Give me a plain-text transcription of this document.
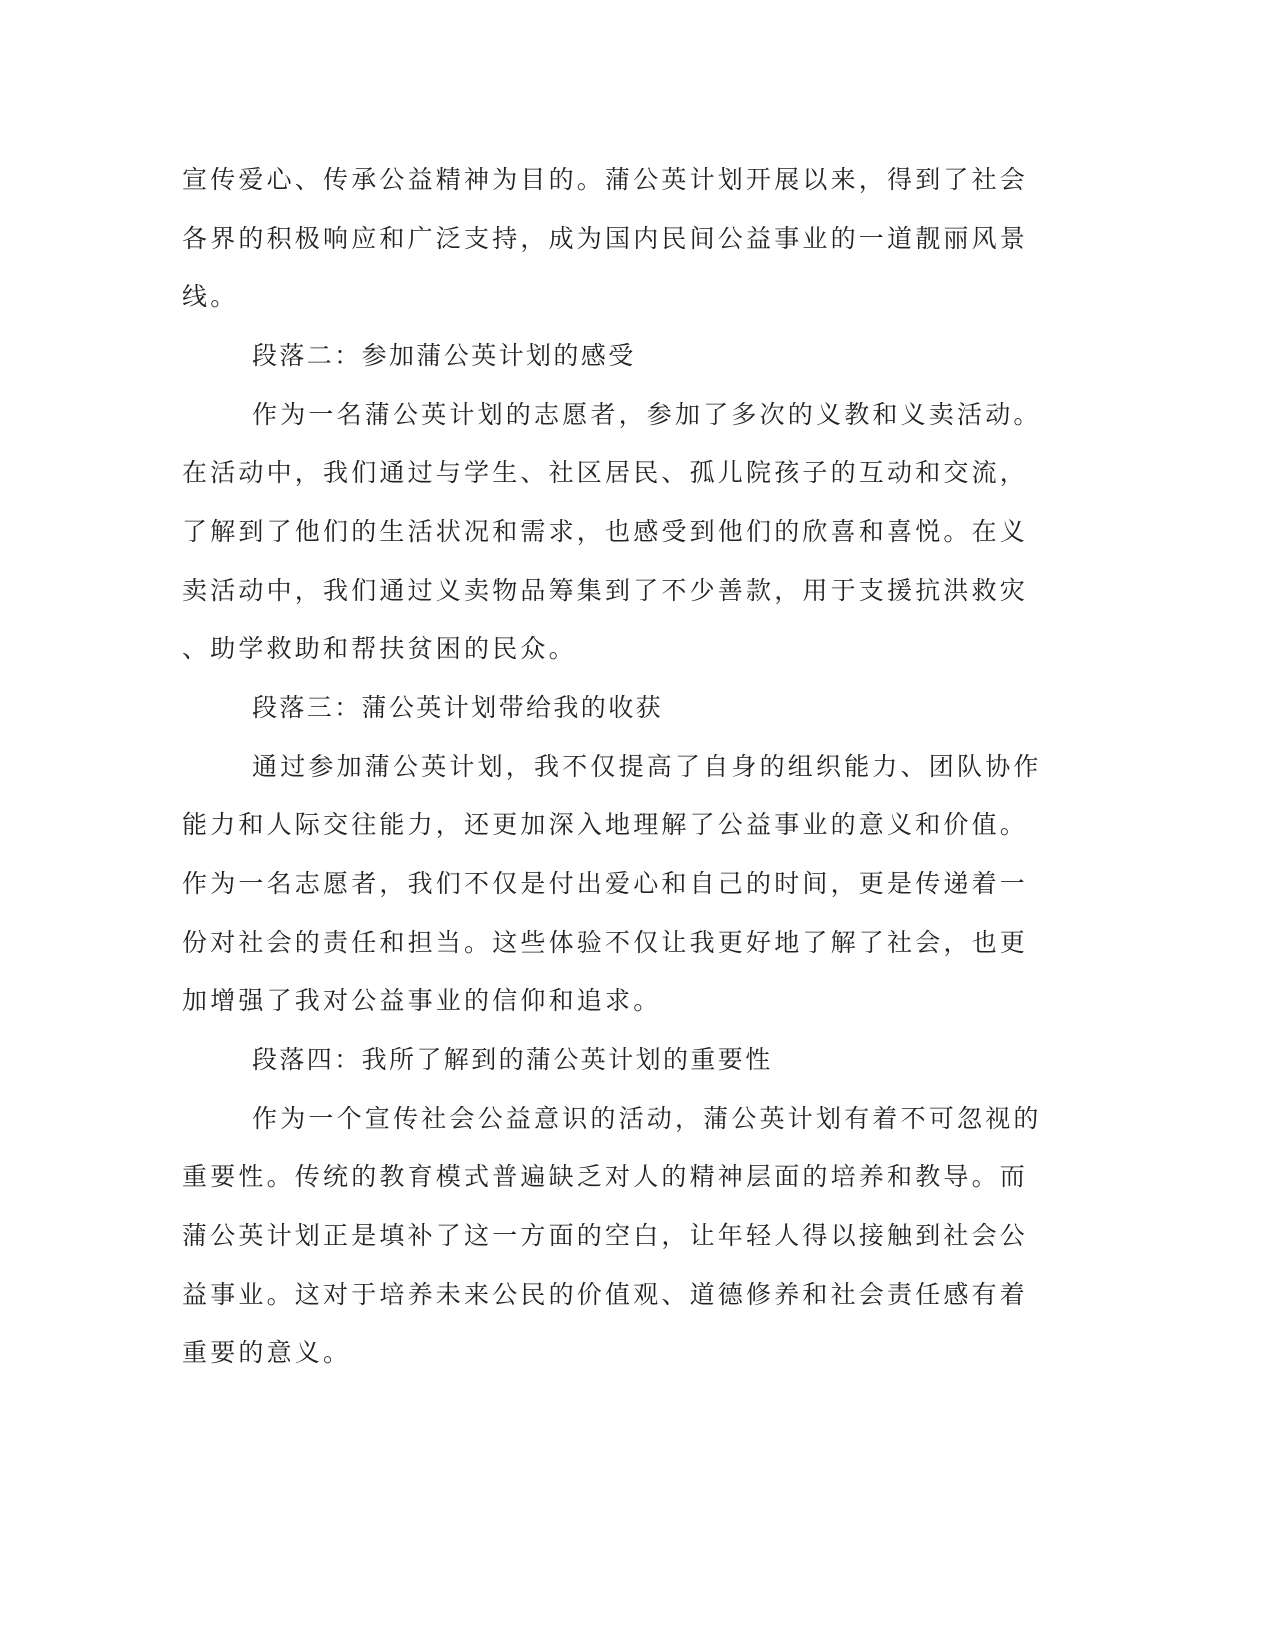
宣传爱心、传承公益精神为目的。蒲公英计划开展以来，得到了社会
各界的积极响应和广泛支持，成为国内民间公益事业的一道靓丽风景
线。
段落二：参加蒲公英计划的感受
作为一名蒲公英计划的志愿者，参加了多次的义教和义卖活动。
在活动中，我们通过与学生、社区居民、孤儿院孩子的互动和交流，
了解到了他们的生活状况和需求，也感受到他们的欣喜和喜悦。在义
卖活动中，我们通过义卖物品筹集到了不少善款，用于支援抗洪救灾
、助学救助和帮扶贫困的民众。
段落三：蒲公英计划带给我的收获
通过参加蒲公英计划，我不仅提高了自身的组织能力、团队协作
能力和人际交往能力，还更加深入地理解了公益事业的意义和价值。
作为一名志愿者，我们不仅是付出爱心和自己的时间，更是传递着一
份对社会的责任和担当。这些体验不仅让我更好地了解了社会，也更
加增强了我对公益事业的信仰和追求。
段落四：我所了解到的蒲公英计划的重要性
作为一个宣传社会公益意识的活动，蒲公英计划有着不可忽视的
重要性。传统的教育模式普遍缺乏对人的精神层面的培养和教导。而
蒲公英计划正是填补了这一方面的空白，让年轻人得以接触到社会公
益事业。这对于培养未来公民的价值观、道德修养和社会责任感有着
重要的意义。
